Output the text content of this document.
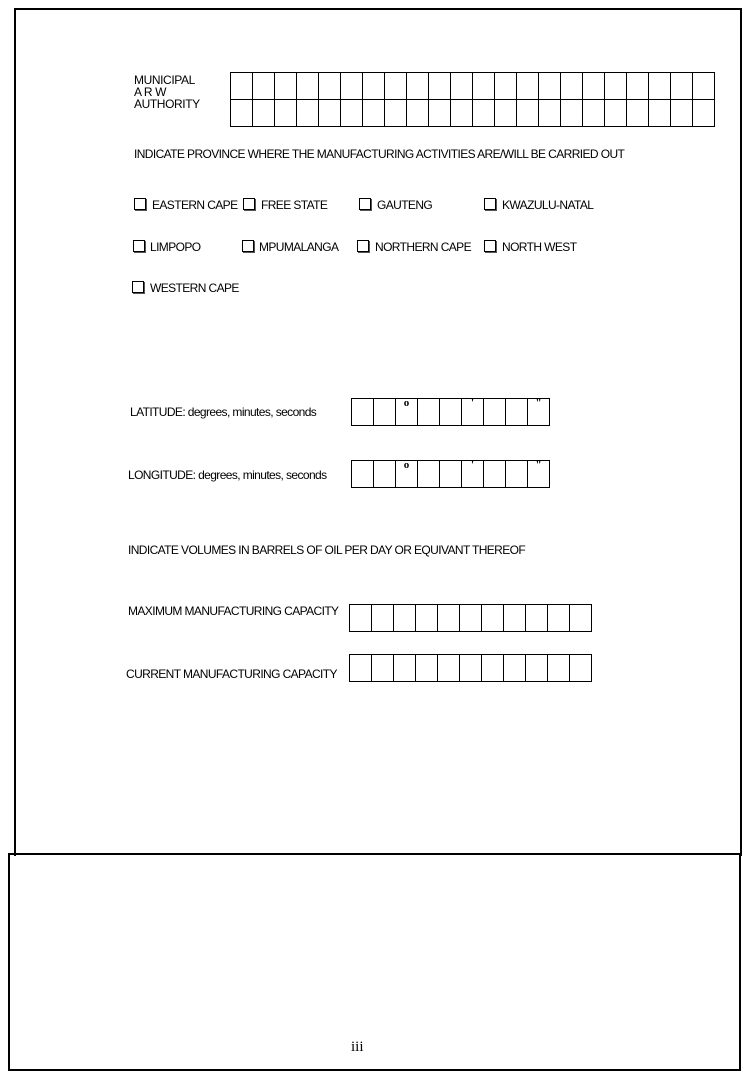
MUNICIPAL
A R W
AUTHORITY
INDICATE PROVINCE WHERE THE MANUFACTURING ACTIVITIES ARE/WILL BE CARRIED OUT
EASTERN CAPE FREE STATE	GAUTENG	KWAZULU-NATAL
LIMPOPO	MPUMALANGA	NORTHERN CAPE	NORTH WEST
WESTERN CAPE
LATITUDE: degrees, minutes, seconds
o	'	"
LONGITUDE: degrees, minutes, seconds
o	'	"
INDICATE VOLUMES IN BARRELS OF OIL PER DAY OR EQUIVANT THEREOF
MAXIMUM MANUFACTURING CAPACITY
CURRENT MANUFACTURING CAPACITY
iii
